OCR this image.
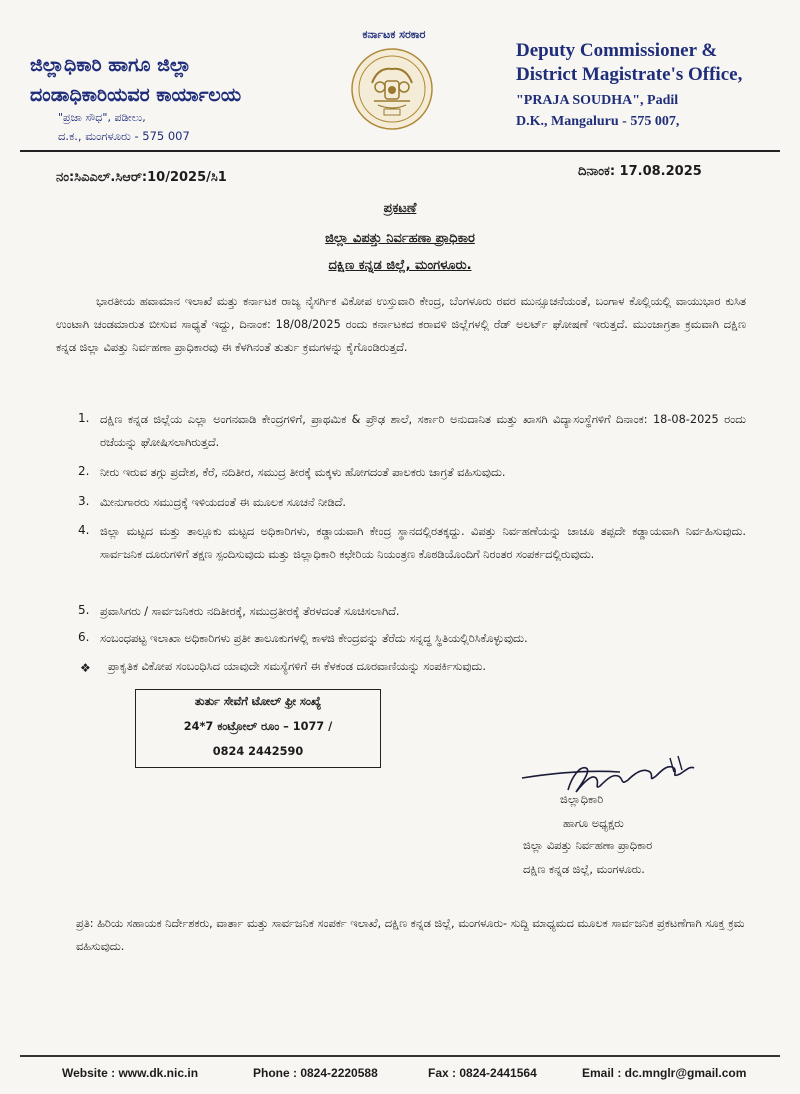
ಜಿಲ್ಲಾಧಿಕಾರಿ ಹಾಗೂ ಜಿಲ್ಲಾ
ದಂಡಾಧಿಕಾರಿಯವರ ಕಾರ್ಯಾಲಯ
"ಪ್ರಜಾ ಸೌಧ", ಪಡೀಲು,
ದ.ಕ., ಮಂಗಳೂರು - 575 007
ಕರ್ನಾಟಕ ಸರಕಾರ
Deputy Commissioner &
District Magistrate's Office,
"PRAJA SOUDHA", Padil
D.K., Mangaluru - 575 007,
ನಂ:ಸಿಎಎಲ್.ಸಿಆರ್:10/2025/ಸಿ1	ದಿನಾಂಕ: 17.08.2025
ಪ್ರಕಟಣೆ
ಜಿಲ್ಲಾ ವಿಪತ್ತು ನಿರ್ವಹಣಾ ಪ್ರಾಧಿಕಾರ
ದಕ್ಷಿಣ ಕನ್ನಡ ಜಿಲ್ಲೆ, ಮಂಗಳೂರು.
ಭಾರತೀಯ ಹವಾಮಾನ ಇಲಾಖೆ ಮತ್ತು ಕರ್ನಾಟಕ ರಾಜ್ಯ ನೈಸರ್ಗಿಕ ವಿಕೋಪ ಉಸ್ತುವಾರಿ ಕೇಂದ್ರ, ಬೆಂಗಳೂರು ರವರ ಮುನ್ಸೂಚನೆಯಂತೆ, ಬಂಗಾಳ ಕೊಲ್ಲಿಯಲ್ಲಿ ವಾಯುಭಾರ ಕುಸಿತ ಉಂಟಾಗಿ ಚಂಡಮಾರುತ ಬೀಸುವ ಸಾಧ್ಯತೆ ಇದ್ದು, ದಿನಾಂಕ: 18/08/2025 ರಂದು ಕರ್ನಾಟಕದ ಕರಾವಳಿ ಜಿಲ್ಲೆಗಳಲ್ಲಿ ರೆಡ್ ಅಲರ್ಟ್ ಘೋಷಣೆ ಇರುತ್ತದೆ. ಮುಂಜಾಗ್ರತಾ ಕ್ರಮವಾಗಿ ದಕ್ಷಿಣ ಕನ್ನಡ ಜಿಲ್ಲಾ ವಿಪತ್ತು ನಿರ್ವಹಣಾ ಪ್ರಾಧಿಕಾರವು ಈ ಕೆಳಗಿನಂತೆ ತುರ್ತು ಕ್ರಮಗಳನ್ನು ಕೈಗೊಂಡಿರುತ್ತದೆ.
1. ದಕ್ಷಿಣ ಕನ್ನಡ ಜಿಲ್ಲೆಯ ಎಲ್ಲಾ ಅಂಗನವಾಡಿ ಕೇಂದ್ರಗಳಿಗೆ, ಪ್ರಾಥಮಿಕ & ಪ್ರೌಢ ಶಾಲೆ, ಸರ್ಕಾರಿ ಅನುದಾನಿತ ಮತ್ತು ಖಾಸಗಿ ವಿದ್ಯಾಸಂಸ್ಥೆಗಳಿಗೆ ದಿನಾಂಕ: 18-08-2025 ರಂದು ರಜೆಯನ್ನು ಘೋಷಿಸಲಾಗಿರುತ್ತದೆ.
2. ನೀರು ಇರುವ ತಗ್ಗು ಪ್ರದೇಶ, ಕೆರೆ, ನದಿತೀರ, ಸಮುದ್ರ ತೀರಕ್ಕೆ ಮಕ್ಕಳು ಹೋಗದಂತೆ ಪಾಲಕರು ಜಾಗ್ರತೆ ವಹಿಸುವುದು.
3. ಮೀನುಗಾರರು ಸಮುದ್ರಕ್ಕೆ ಇಳಿಯದಂತೆ ಈ ಮೂಲಕ ಸೂಚನೆ ನೀಡಿದೆ.
4. ಜಿಲ್ಲಾ ಮಟ್ಟದ ಮತ್ತು ತಾಲ್ಲೂಕು ಮಟ್ಟದ ಅಧಿಕಾರಿಗಳು, ಕಡ್ಡಾಯವಾಗಿ ಕೇಂದ್ರ ಸ್ಥಾನದಲ್ಲಿರತಕ್ಕದ್ದು. ವಿಪತ್ತು ನಿರ್ವಹಣೆಯನ್ನು ಚಾಚೂ ತಪ್ಪದೇ ಕಡ್ಡಾಯವಾಗಿ ನಿರ್ವಹಿಸುವುದು. ಸಾರ್ವಜನಿಕ ದೂರುಗಳಿಗೆ ತಕ್ಷಣ ಸ್ಪಂದಿಸುವುದು ಮತ್ತು ಜಿಲ್ಲಾಧಿಕಾರಿ ಕಛೇರಿಯ ನಿಯಂತ್ರಣ ಕೊಠಡಿಯೊಂದಿಗೆ ನಿರಂತರ ಸಂಪರ್ಕದಲ್ಲಿರುವುದು.
5. ಪ್ರವಾಸಿಗರು / ಸಾರ್ವಜನಿಕರು ನದಿತೀರಕ್ಕೆ, ಸಮುದ್ರತೀರಕ್ಕೆ ತೆರಳದಂತೆ ಸೂಚಿಸಲಾಗಿದೆ.
6. ಸಂಬಂಧಪಟ್ಟ ಇಲಾಖಾ ಅಧಿಕಾರಿಗಳು ಪ್ರತೀ ತಾಲೂಕುಗಳಲ್ಲಿ ಕಾಳಜಿ ಕೇಂದ್ರವನ್ನು ತೆರೆದು ಸನ್ನದ್ಧ ಸ್ಥಿತಿಯಲ್ಲಿರಿಸಿಕೊಳ್ಳುವುದು.
❖ ಪ್ರಾಕೃತಿಕ ವಿಕೋಪ ಸಂಬಂಧಿಸಿದ ಯಾವುದೇ ಸಮಸ್ಯೆಗಳಿಗೆ ಈ ಕೆಳಕಂಡ ದೂರವಾಣಿಯನ್ನು ಸಂಪರ್ಕಿಸುವುದು.
ತುರ್ತು ಸೇವೆಗೆ ಟೋಲ್ ಫ್ರೀ ಸಂಖ್ಯೆ
24*7 ಕಂಟ್ರೋಲ್ ರೂಂ – 1077 /
0824 2442590
ಜಿಲ್ಲಾಧಿಕಾರಿ
ಹಾಗೂ ಅಧ್ಯಕ್ಷರು
ಜಿಲ್ಲಾ ವಿಪತ್ತು ನಿರ್ವಹಣಾ ಪ್ರಾಧಿಕಾರ
ದಕ್ಷಿಣ ಕನ್ನಡ ಜಿಲ್ಲೆ, ಮಂಗಳೂರು.
ಪ್ರತಿ: ಹಿರಿಯ ಸಹಾಯಕ ನಿರ್ದೇಶಕರು, ವಾರ್ತಾ ಮತ್ತು ಸಾರ್ವಜನಿಕ ಸಂಪರ್ಕ ಇಲಾಖೆ, ದಕ್ಷಿಣ ಕನ್ನಡ ಜಿಲ್ಲೆ, ಮಂಗಳೂರು- ಸುದ್ದಿ ಮಾಧ್ಯಮದ ಮೂಲಕ ಸಾರ್ವಜನಿಕ ಪ್ರಕಟಣೆಗಾಗಿ ಸೂಕ್ತ ಕ್ರಮ ವಹಿಸುವುದು.
Website : www.dk.nic.in	Phone : 0824-2220588	Fax : 0824-2441564	Email : dc.mnglr@gmail.com
